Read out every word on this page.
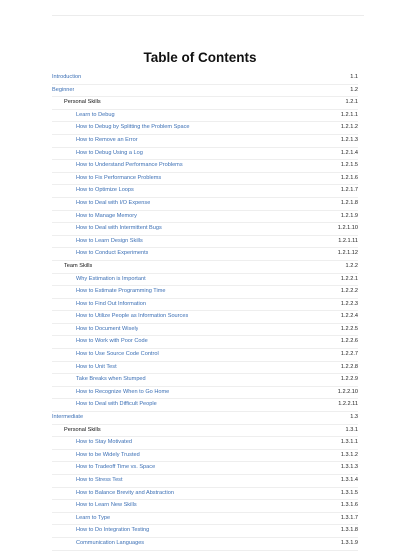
Table of Contents
Introduction	1.1
Beginner	1.2
Personal Skills	1.2.1
Learn to Debug	1.2.1.1
How to Debug by Splitting the Problem Space	1.2.1.2
How to Remove an Error	1.2.1.3
How to Debug Using a Log	1.2.1.4
How to Understand Performance Problems	1.2.1.5
How to Fix Performance Problems	1.2.1.6
How to Optimize Loops	1.2.1.7
How to Deal with I/O Expense	1.2.1.8
How to Manage Memory	1.2.1.9
How to Deal with Intermittent Bugs	1.2.1.10
How to Learn Design Skills	1.2.1.11
How to Conduct Experiments	1.2.1.12
Team Skills	1.2.2
Why Estimation is Important	1.2.2.1
How to Estimate Programming Time	1.2.2.2
How to Find Out Information	1.2.2.3
How to Utilize People as Information Sources	1.2.2.4
How to Document Wisely	1.2.2.5
How to Work with Poor Code	1.2.2.6
How to Use Source Code Control	1.2.2.7
How to Unit Test	1.2.2.8
Take Breaks when Stumped	1.2.2.9
How to Recognize When to Go Home	1.2.2.10
How to Deal with Difficult People	1.2.2.11
Intermediate	1.3
Personal Skills	1.3.1
How to Stay Motivated	1.3.1.1
How to be Widely Trusted	1.3.1.2
How to Tradeoff Time vs. Space	1.3.1.3
How to Stress Test	1.3.1.4
How to Balance Brevity and Abstraction	1.3.1.5
How to Learn New Skills	1.3.1.6
Learn to Type	1.3.1.7
How to Do Integration Testing	1.3.1.8
Communication Languages	1.3.1.9
